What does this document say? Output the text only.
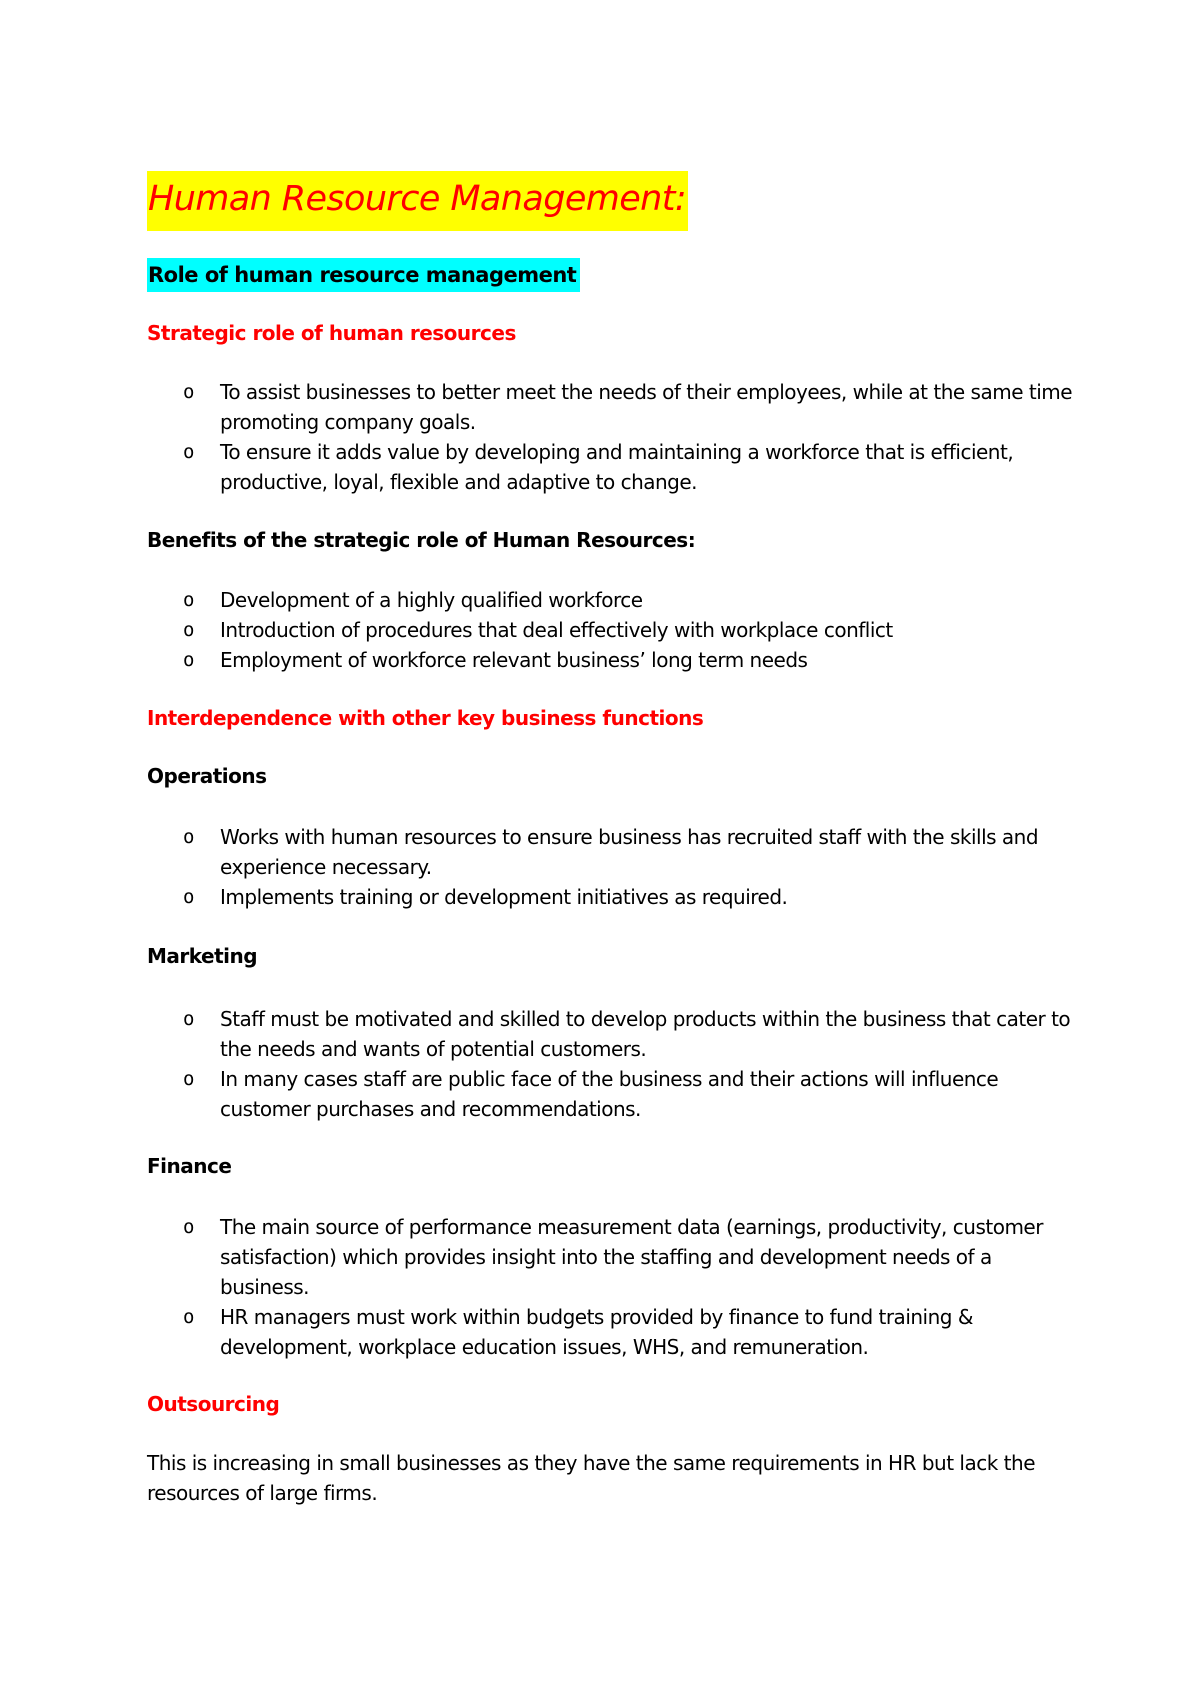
Human Resource Management:
Role of human resource management
Strategic role of human resources
o To assist businesses to better meet the needs of their employees, while at the same time promoting company goals.
o To ensure it adds value by developing and maintaining a workforce that is efficient, productive, loyal, flexible and adaptive to change.
Benefits of the strategic role of Human Resources:
o Development of a highly qualified workforce
o Introduction of procedures that deal effectively with workplace conflict
o Employment of workforce relevant business’ long term needs
Interdependence with other key business functions
Operations
o Works with human resources to ensure business has recruited staff with the skills and experience necessary.
o Implements training or development initiatives as required.
Marketing
o Staff must be motivated and skilled to develop products within the business that cater to the needs and wants of potential customers.
o In many cases staff are public face of the business and their actions will influence customer purchases and recommendations.
Finance
o The main source of performance measurement data (earnings, productivity, customer satisfaction) which provides insight into the staffing and development needs of a business.
o HR managers must work within budgets provided by finance to fund training & development, workplace education issues, WHS, and remuneration.
Outsourcing
This is increasing in small businesses as they have the same requirements in HR but lack the resources of large firms.
